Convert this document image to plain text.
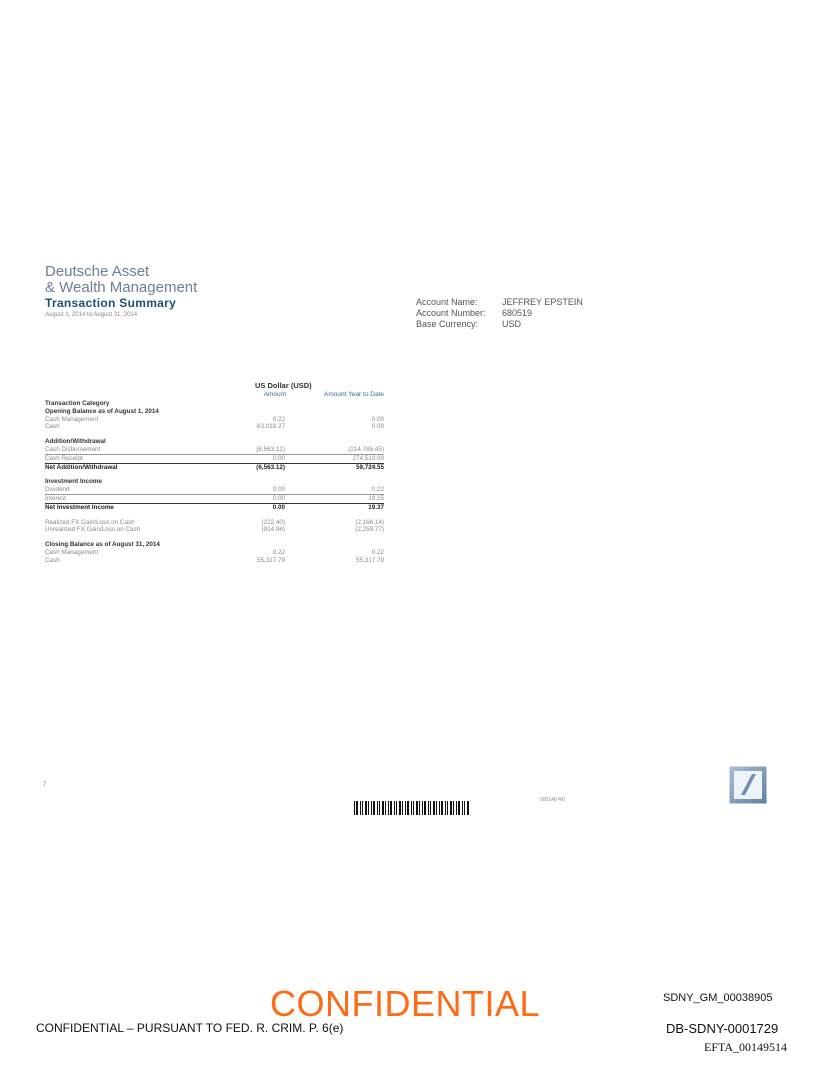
Deutsche Asset
& Wealth Management
Transaction Summary
August 1, 2014 to August 31, 2014
Account Name:	JEFFREY EPSTEIN
Account Number: 680519
Base Currency:	USD
US Dollar (USD)
Amount	Amount Year to Date
Transaction Category
Opening Balance as of August 1, 2014
Cash Management	0.22	0.00
Cash	63,018.27	0.00
Addition/Withdrawal
Cash Disbursement	(6,563.12)	(214,785.45)
Cash Receipt	0.00	274,510.00
Net Addition/Withdrawal	(6,563.12)	59,724.55
Investment Income
Dividend	0.00	0.22
Interest	0.00	19.15
Net Investment Income	0.00	19.37
Realized FX Gain/Loss on Cash	(222.40)	(2,166.14)
Unrealized FX Gain/Loss on Cash	(914.96)	(2,259.77)
Closing Balance as of August 31, 2014
Cash Management	0.22	0.22
Cash	55,317.79	55,317.79
7
000140 4/0
CONFIDENTIAL	SDNY_GM_00038905
CONFIDENTIAL – PURSUANT TO FED. R. CRIM. P. 6(e)	DB-SDNY-0001729
EFTA_00149514
